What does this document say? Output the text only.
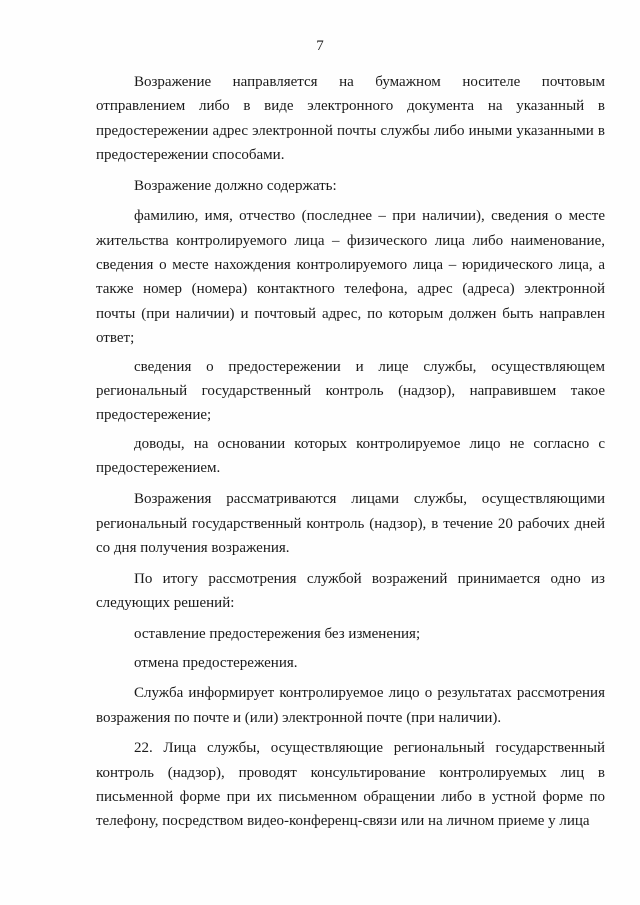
7

Возражение направляется на бумажном носителе почтовым отправлением либо в виде электронного документа на указанный в предостережении адрес электронной почты службы либо иными указанными в предостережении способами.

Возражение должно содержать:

фамилию, имя, отчество (последнее – при наличии), сведения о месте жительства контролируемого лица – физического лица либо наименование, сведения о месте нахождения контролируемого лица – юридического лица, а также номер (номера) контактного телефона, адрес (адреса) электронной почты (при наличии) и почтовый адрес, по которым должен быть направлен ответ;

сведения о предостережении и лице службы, осуществляющем региональный государственный контроль (надзор), направившем такое предостережение;

доводы, на основании которых контролируемое лицо не согласно с предостережением.

Возражения рассматриваются лицами службы, осуществляющими региональный государственный контроль (надзор), в течение 20 рабочих дней со дня получения возражения.

По итогу рассмотрения службой возражений принимается одно из следующих решений:

оставление предостережения без изменения;

отмена предостережения.

Служба информирует контролируемое лицо о результатах рассмотрения возражения по почте и (или) электронной почте (при наличии).

22. Лица службы, осуществляющие региональный государственный контроль (надзор), проводят консультирование контролируемых лиц в письменной форме при их письменном обращении либо в устной форме по телефону, посредством видео-конференц-связи или на личном приеме у лица
